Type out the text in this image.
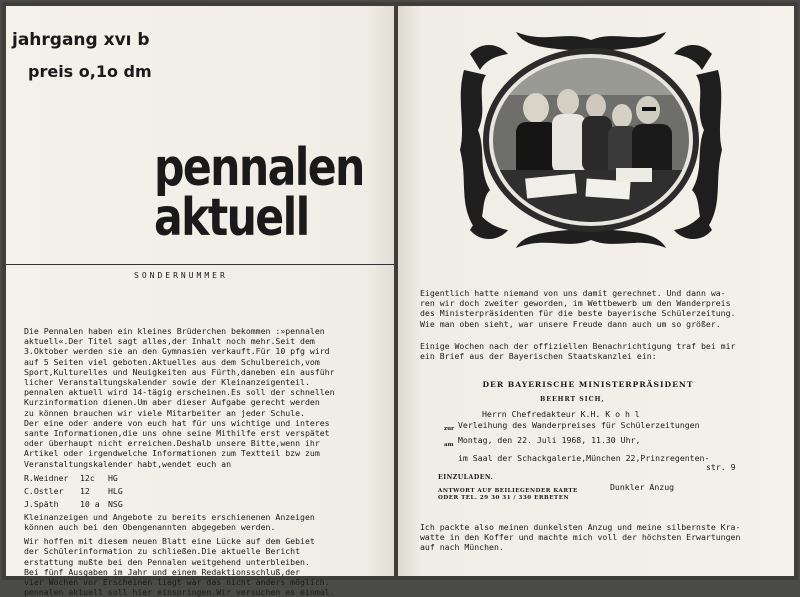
jahrgang xvı b
preis o,1o dm
pennalen
aktuell
SONDERNUMMER

Die Pennalen haben ein kleines Brüderchen bekommen :»pennalen

aktuell«.Der Titel sagt alles,der Inhalt noch mehr.Seit dem

3.Oktober werden sie an den Gymnasien verkauft.Für 10 pfg wird

auf 5 Seiten viel geboten.Aktuelles aus dem Schulbereich,vom

Sport,Kulturelles und Neuigkeiten aus Fürth,daneben ein ausführ

licher Veranstaltungskalender sowie der Kleinanzeigenteil.

pennalen aktuell wird 14-tägig erscheinen.Es soll der schnellen

Kurzinformation dienen.Um aber dieser Aufgabe gerecht werden

zu können brauchen wir viele Mitarbeiter an jeder Schule.

Der eine oder andere von euch hat für uns wichtige und interes

sante Informationen,die uns ohne seine Mithilfe erst verspätet

oder überhaupt nicht erreichen.Deshalb unsere Bitte,wenn ihr

Artikel oder irgendwelche Informationen zum Textteil bzw zum

Veranstaltungskalender habt,wendet euch an

R.Weidner	12c	HG
C.Ostler	12	HLG
J.Späth	10 a	NSG

Kleinanzeigen und Angebote zu bereits erschienenen Anzeigen

können auch bei den Obengenannten abgegeben werden.

Wir hoffen mit diesem neuen Blatt eine Lücke auf dem Gebiet

der Schülerinformation zu schließen.Die aktuelle Bericht

erstattung mußte bei den Pennalen weitgehend unterbleiben.

Bei fünf Ausgaben im Jahr und einem Redaktionsschluß,der

vier Wochen vor Erscheinen liegt war das nicht anders möglich.

pennalen aktuell soll hier einspringen.Wir versuchen es einmal.

Eigentlich hatte niemand von uns damit gerechnet. Und dann wa-

ren wir doch zweiter geworden, im Wettbewerb um den Wanderpreis

des Ministerpräsidenten für die beste bayerische Schülerzeitung.

Wie man oben sieht, war unsere Freude dann auch um so größer.

Einige Wochen nach der offiziellen Benachrichtigung traf bei mir

ein Brief aus der Bayerischen Staatskanzlei ein:

DER BAYERISCHE MINISTERPRÄSIDENT
BEEHRT SICH,

Herrn Chefredakteur K.H. K o h l

zur Verleihung des Wanderpreises für Schülerzeitungen

am Montag, den 22. Juli 1968, 11.30 Uhr,

im Saal der Schackgalerie,München 22,Prinzregenten-

str. 9

EINZULADEN.
ANTWORT AUF BEILIEGENDER KARTE
ODER TEL. 29 30 31 / 330 ERBETEN
Dunkler Anzug

Ich packte also meinen dunkelsten Anzug und meine silbernste Kra-

watte in den Koffer und machte mich voll der höchsten Erwartungen

auf nach München.
